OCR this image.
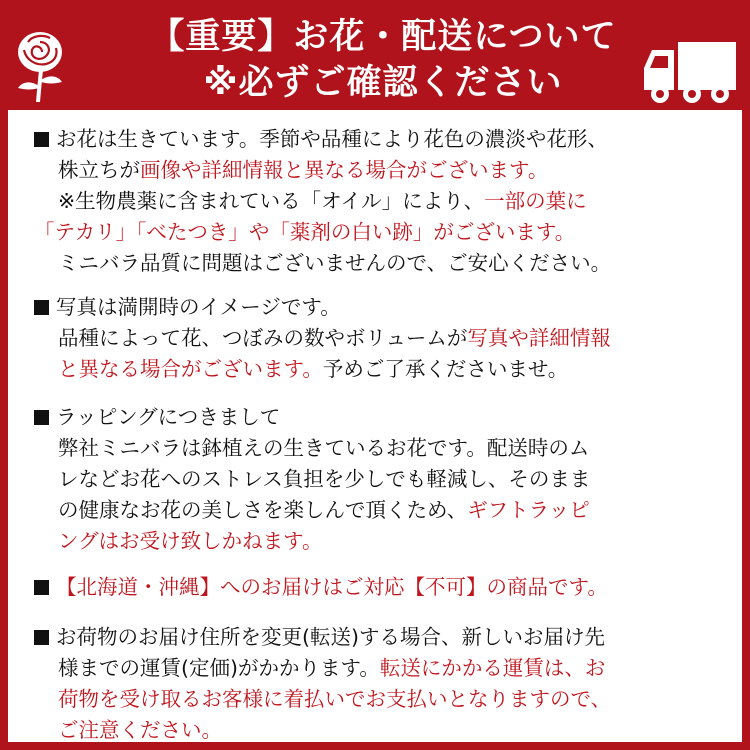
【重要】お花・配送について
※必ずご確認ください

お花は生きています。季節や品種により花色の濃淡や花形、

株立ちが画像や詳細情報と異なる場合がございます。

※生物農薬に含まれている「オイル」により、一部の葉に

「テカリ」「べたつき」や「薬剤の白い跡」がございます。

ミニバラ品質に問題はございませんので、ご安心ください。

写真は満開時のイメージです。

品種によって花、つぼみの数やボリュームが写真や詳細情報

と異なる場合がございます。予めご了承くださいませ。

ラッピングにつきまして

弊社ミニバラは鉢植えの生きているお花です。配送時のム

レなどお花へのストレス負担を少しでも軽減し、そのまま

の健康なお花の美しさを楽しんで頂くため、ギフトラッピ

ングはお受け致しかねます。

【北海道・沖縄】へのお届けはご対応【不可】の商品です。

お荷物のお届け住所を変更(転送)する場合、新しいお届け先

様までの運賃(定価)がかかります。転送にかかる運賃は、お

荷物を受け取るお客様に着払いでお支払いとなりますので、

ご注意ください。
